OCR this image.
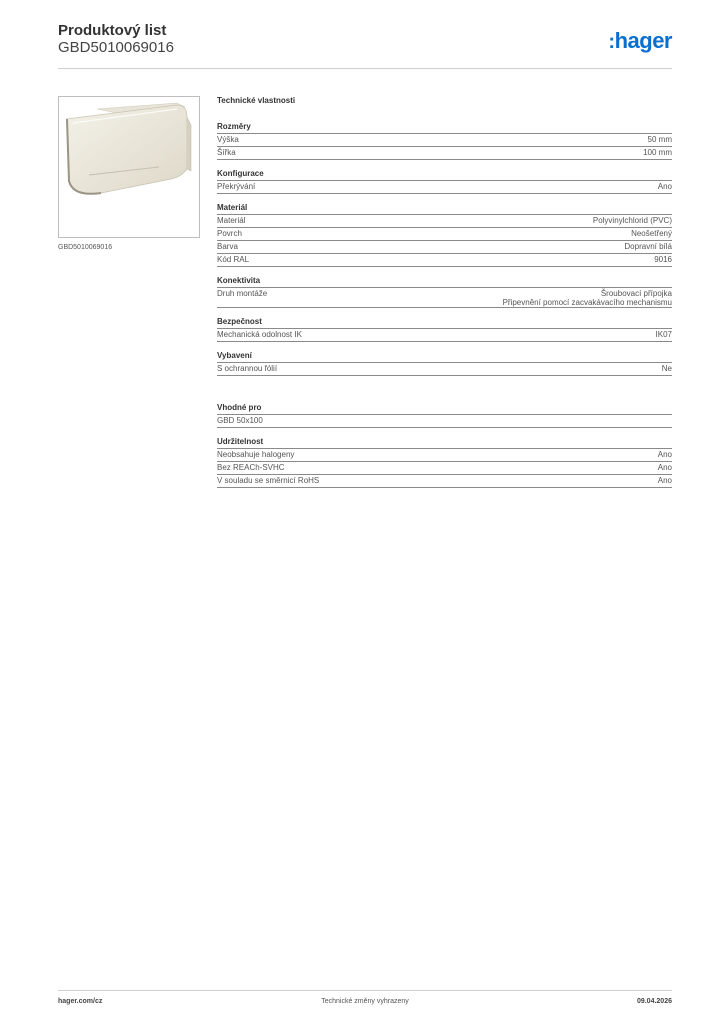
Produktový list
GBD5010069016	:hager
GBD5010069016
Technické vlastnosti
Rozměry
Výška	50 mm
Šířka	100 mm
Konfigurace
Překrývání	Ano
Materiál
Materiál	Polyvinylchlorid (PVC)
Povrch	Neošetřený
Barva	Dopravní bílá
Kód RAL	9016
Konektivita
Druh montáže	Šroubovací přípojka
Připevnění pomocí zacvakávacího mechanismu
Bezpečnost
Mechanická odolnost IK	IK07
Vybavení
S ochrannou fólií	Ne
Vhodné pro
GBD 50x100
Udržitelnost
Neobsahuje halogeny	Ano
Bez REACh-SVHC	Ano
V souladu se směrnicí RoHS	Ano
hager.com/cz	Technické změny vyhrazeny	09.04.2026
